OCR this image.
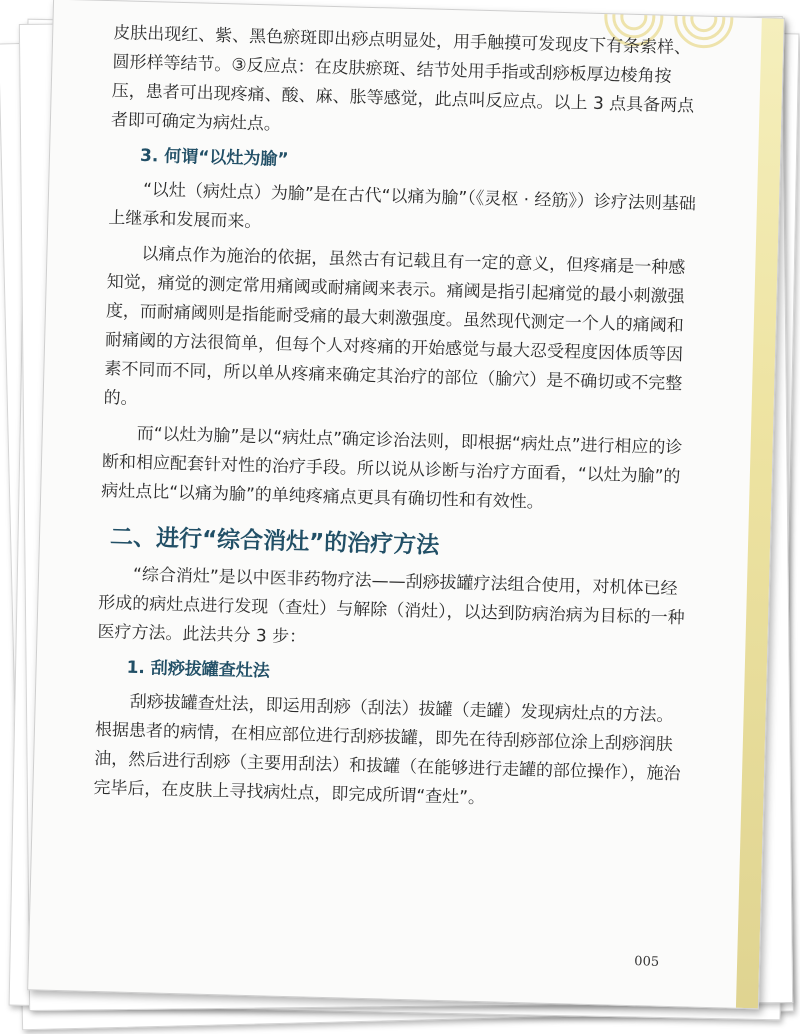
皮肤出现红、紫、黑色瘀斑即出痧点明显处，用手触摸可发现皮下有条索样、圆形样等结节。③反应点：在皮肤瘀斑、结节处用手指或刮痧板厚边棱角按压，患者可出现疼痛、酸、麻、胀等感觉，此点叫反应点。以上 3 点具备两点者即可确定为病灶点。

3. 何谓“以灶为腧”

“以灶（病灶点）为腧”是在古代“以痛为腧”（《灵枢 · 经筋》）诊疗法则基础上继承和发展而来。

以痛点作为施治的依据，虽然古有记载且有一定的意义，但疼痛是一种感知觉，痛觉的测定常用痛阈或耐痛阈来表示。痛阈是指引起痛觉的最小刺激强度，而耐痛阈则是指能耐受痛的最大刺激强度。虽然现代测定一个人的痛阈和耐痛阈的方法很简单，但每个人对疼痛的开始感觉与最大忍受程度因体质等因素不同而不同，所以单从疼痛来确定其治疗的部位（腧穴）是不确切或不完整的。

而“以灶为腧”是以“病灶点”确定诊治法则，即根据“病灶点”进行相应的诊断和相应配套针对性的治疗手段。所以说从诊断与治疗方面看，“以灶为腧”的病灶点比“以痛为腧”的单纯疼痛点更具有确切性和有效性。

二、进行“综合消灶”的治疗方法

“综合消灶”是以中医非药物疗法——刮痧拔罐疗法组合使用，对机体已经形成的病灶点进行发现（查灶）与解除（消灶），以达到防病治病为目标的一种医疗方法。此法共分 3 步：

1. 刮痧拔罐查灶法

刮痧拔罐查灶法，即运用刮痧（刮法）拔罐（走罐）发现病灶点的方法。根据患者的病情，在相应部位进行刮痧拔罐，即先在待刮痧部位涂上刮痧润肤油，然后进行刮痧（主要用刮法）和拔罐（在能够进行走罐的部位操作），施治完毕后，在皮肤上寻找病灶点，即完成所谓“查灶”。

005
